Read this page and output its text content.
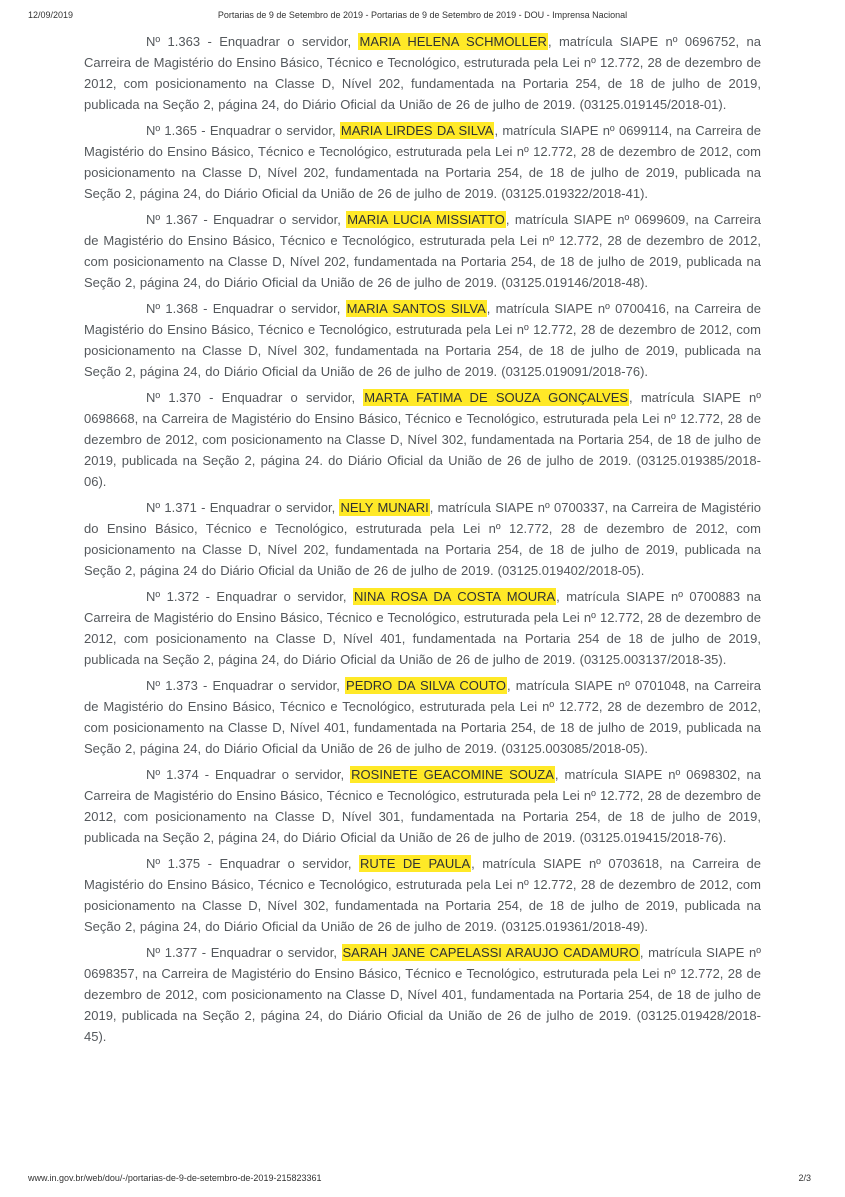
12/09/2019	Portarias de 9 de Setembro de 2019 - Portarias de 9 de Setembro de 2019 - DOU - Imprensa Nacional

Nº 1.363 - Enquadrar o servidor, MARIA HELENA SCHMOLLER, matrícula SIAPE nº 0696752, na Carreira de Magistério do Ensino Básico, Técnico e Tecnológico, estruturada pela Lei nº 12.772, 28 de dezembro de 2012, com posicionamento na Classe D, Nível 202, fundamentada na Portaria 254, de 18 de julho de 2019, publicada na Seção 2, página 24, do Diário Oficial da União de 26 de julho de 2019. (03125.019145/2018-01).

Nº 1.365 - Enquadrar o servidor, MARIA LIRDES DA SILVA, matrícula SIAPE nº 0699114, na Carreira de Magistério do Ensino Básico, Técnico e Tecnológico, estruturada pela Lei nº 12.772, 28 de dezembro de 2012, com posicionamento na Classe D, Nível 202, fundamentada na Portaria 254, de 18 de julho de 2019, publicada na Seção 2, página 24, do Diário Oficial da União de 26 de julho de 2019. (03125.019322/2018-41).

Nº 1.367 - Enquadrar o servidor, MARIA LUCIA MISSIATTO, matrícula SIAPE nº 0699609, na Carreira de Magistério do Ensino Básico, Técnico e Tecnológico, estruturada pela Lei nº 12.772, 28 de dezembro de 2012, com posicionamento na Classe D, Nível 202, fundamentada na Portaria 254, de 18 de julho de 2019, publicada na Seção 2, página 24, do Diário Oficial da União de 26 de julho de 2019. (03125.019146/2018-48).

Nº 1.368 - Enquadrar o servidor, MARIA SANTOS SILVA, matrícula SIAPE nº 0700416, na Carreira de Magistério do Ensino Básico, Técnico e Tecnológico, estruturada pela Lei nº 12.772, 28 de dezembro de 2012, com posicionamento na Classe D, Nível 302, fundamentada na Portaria 254, de 18 de julho de 2019, publicada na Seção 2, página 24, do Diário Oficial da União de 26 de julho de 2019. (03125.019091/2018-76).

Nº 1.370 - Enquadrar o servidor, MARTA FATIMA DE SOUZA GONÇALVES, matrícula SIAPE nº 0698668, na Carreira de Magistério do Ensino Básico, Técnico e Tecnológico, estruturada pela Lei nº 12.772, 28 de dezembro de 2012, com posicionamento na Classe D, Nível 302, fundamentada na Portaria 254, de 18 de julho de 2019, publicada na Seção 2, página 24. do Diário Oficial da União de 26 de julho de 2019. (03125.019385/2018-06).

Nº 1.371 - Enquadrar o servidor, NELY MUNARI, matrícula SIAPE nº 0700337, na Carreira de Magistério do Ensino Básico, Técnico e Tecnológico, estruturada pela Lei nº 12.772, 28 de dezembro de 2012, com posicionamento na Classe D, Nível 202, fundamentada na Portaria 254, de 18 de julho de 2019, publicada na Seção 2, página 24 do Diário Oficial da União de 26 de julho de 2019. (03125.019402/2018-05).

Nº 1.372 - Enquadrar o servidor, NINA ROSA DA COSTA MOURA, matrícula SIAPE nº 0700883 na Carreira de Magistério do Ensino Básico, Técnico e Tecnológico, estruturada pela Lei nº 12.772, 28 de dezembro de 2012, com posicionamento na Classe D, Nível 401, fundamentada na Portaria 254 de 18 de julho de 2019, publicada na Seção 2, página 24, do Diário Oficial da União de 26 de julho de 2019. (03125.003137/2018-35).

Nº 1.373 - Enquadrar o servidor, PEDRO DA SILVA COUTO, matrícula SIAPE nº 0701048, na Carreira de Magistério do Ensino Básico, Técnico e Tecnológico, estruturada pela Lei nº 12.772, 28 de dezembro de 2012, com posicionamento na Classe D, Nível 401, fundamentada na Portaria 254, de 18 de julho de 2019, publicada na Seção 2, página 24, do Diário Oficial da União de 26 de julho de 2019. (03125.003085/2018-05).

Nº 1.374 - Enquadrar o servidor, ROSINETE GEACOMINE SOUZA, matrícula SIAPE nº 0698302, na Carreira de Magistério do Ensino Básico, Técnico e Tecnológico, estruturada pela Lei nº 12.772, 28 de dezembro de 2012, com posicionamento na Classe D, Nível 301, fundamentada na Portaria 254, de 18 de julho de 2019, publicada na Seção 2, página 24, do Diário Oficial da União de 26 de julho de 2019. (03125.019415/2018-76).

Nº 1.375 - Enquadrar o servidor, RUTE DE PAULA, matrícula SIAPE nº 0703618, na Carreira de Magistério do Ensino Básico, Técnico e Tecnológico, estruturada pela Lei nº 12.772, 28 de dezembro de 2012, com posicionamento na Classe D, Nível 302, fundamentada na Portaria 254, de 18 de julho de 2019, publicada na Seção 2, página 24, do Diário Oficial da União de 26 de julho de 2019. (03125.019361/2018-49).

Nº 1.377 - Enquadrar o servidor, SARAH JANE CAPELASSI ARAUJO CADAMURO, matrícula SIAPE nº 0698357, na Carreira de Magistério do Ensino Básico, Técnico e Tecnológico, estruturada pela Lei nº 12.772, 28 de dezembro de 2012, com posicionamento na Classe D, Nível 401, fundamentada na Portaria 254, de 18 de julho de 2019, publicada na Seção 2, página 24, do Diário Oficial da União de 26 de julho de 2019. (03125.019428/2018-45).

www.in.gov.br/web/dou/-/portarias-de-9-de-setembro-de-2019-215823361	2/3
